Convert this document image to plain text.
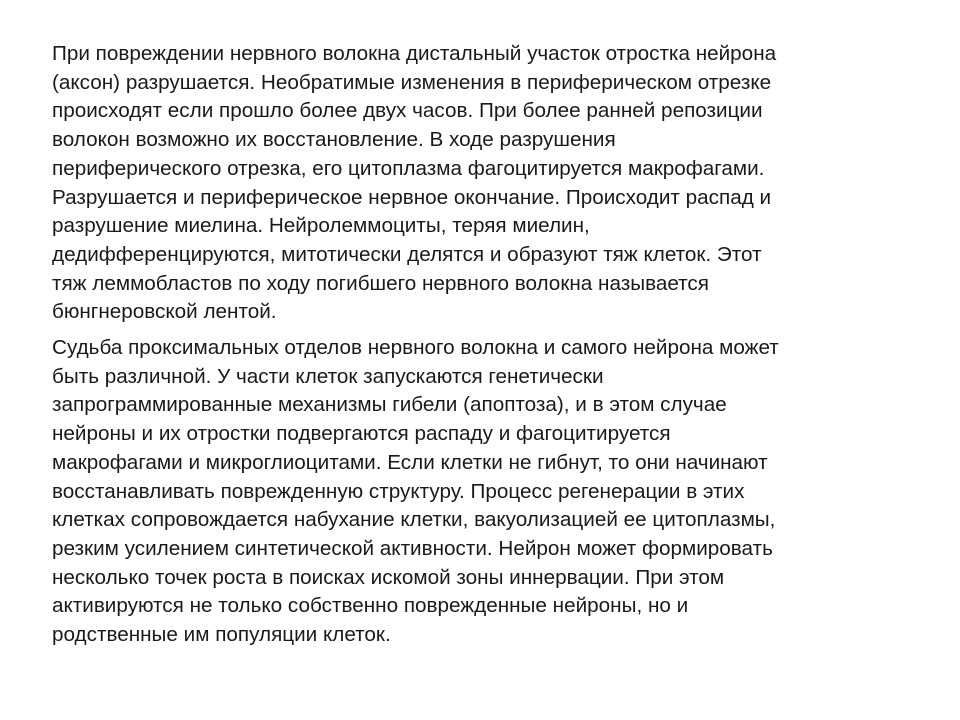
При повреждении нервного волокна дистальный участок отростка нейрона
(аксон) разрушается. Необратимые изменения в периферическом отрезке
происходят если прошло более двух часов. При более ранней репозиции
волокон возможно их восстановление. В ходе разрушения
периферического отрезка, его цитоплазма фагоцитируется макрофагами.
Разрушается и периферическое нервное окончание. Происходит распад и
разрушение миелина. Нейролеммоциты, теряя миелин,
дедифференцируются, митотически делятся и образуют тяж клеток. Этот
тяж леммобластов по ходу погибшего нервного волокна называется
бюнгнеровской лентой.

Судьба проксимальных отделов нервного волокна и самого нейрона может
быть различной. У части клеток запускаются генетически
запрограммированные механизмы гибели (апоптоза), и в этом случае
нейроны и их отростки подвергаются распаду и фагоцитируется
макрофагами и микроглиоцитами. Если клетки не гибнут, то они начинают
восстанавливать поврежденную структуру. Процесс регенерации в этих
клетках сопровождается набухание клетки, вакуолизацией ее цитоплазмы,
резким усилением синтетической активности. Нейрон может формировать
несколько точек роста в поисках искомой зоны иннервации. При этом
активируются не только собственно поврежденные нейроны, но и
родственные им популяции клеток.
